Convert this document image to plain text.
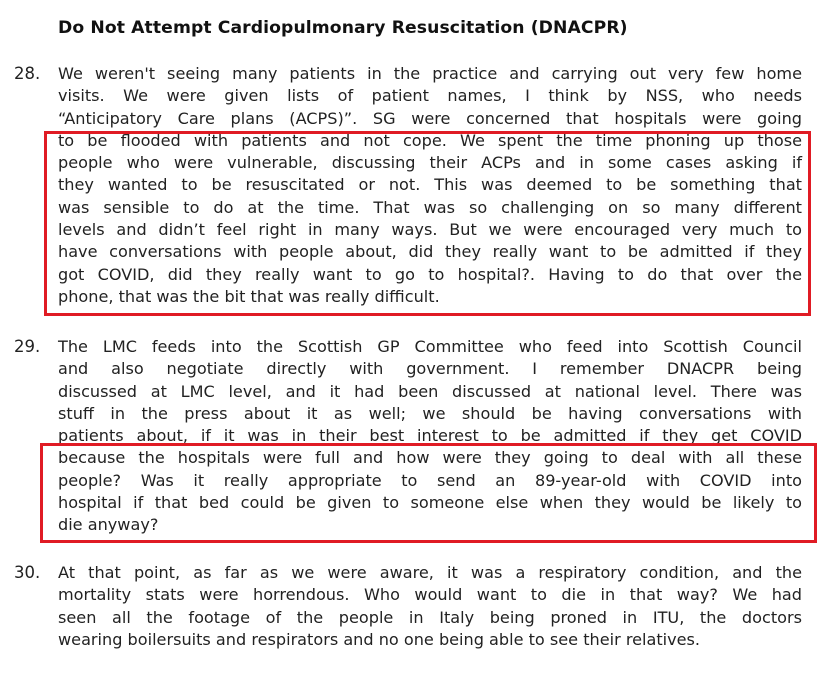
Do Not Attempt Cardiopulmonary Resuscitation (DNACPR)
28. We weren't seeing many patients in the practice and carrying out very few home
visits. We were given lists of patient names, I think by NSS, who needs
“Anticipatory Care plans (ACPS)”. SG were concerned that hospitals were going
to be flooded with patients and not cope. We spent the time phoning up those
people who were vulnerable, discussing their ACPs and in some cases asking if
they wanted to be resuscitated or not. This was deemed to be something that
was sensible to do at the time. That was so challenging on so many different
levels and didn’t feel right in many ways. But we were encouraged very much to
have conversations with people about, did they really want to be admitted if they
got COVID, did they really want to go to hospital?. Having to do that over the
phone, that was the bit that was really difficult.
29. The LMC feeds into the Scottish GP Committee who feed into Scottish Council
and also negotiate directly with government. I remember DNACPR being
discussed at LMC level, and it had been discussed at national level. There was
stuff in the press about it as well; we should be having conversations with
patients about, if it was in their best interest to be admitted if they get COVID
because the hospitals were full and how were they going to deal with all these
people? Was it really appropriate to send an 89-year-old with COVID into
hospital if that bed could be given to someone else when they would be likely to
die anyway?
30. At that point, as far as we were aware, it was a respiratory condition, and the
mortality stats were horrendous. Who would want to die in that way? We had
seen all the footage of the people in Italy being proned in ITU, the doctors
wearing boilersuits and respirators and no one being able to see their relatives.
